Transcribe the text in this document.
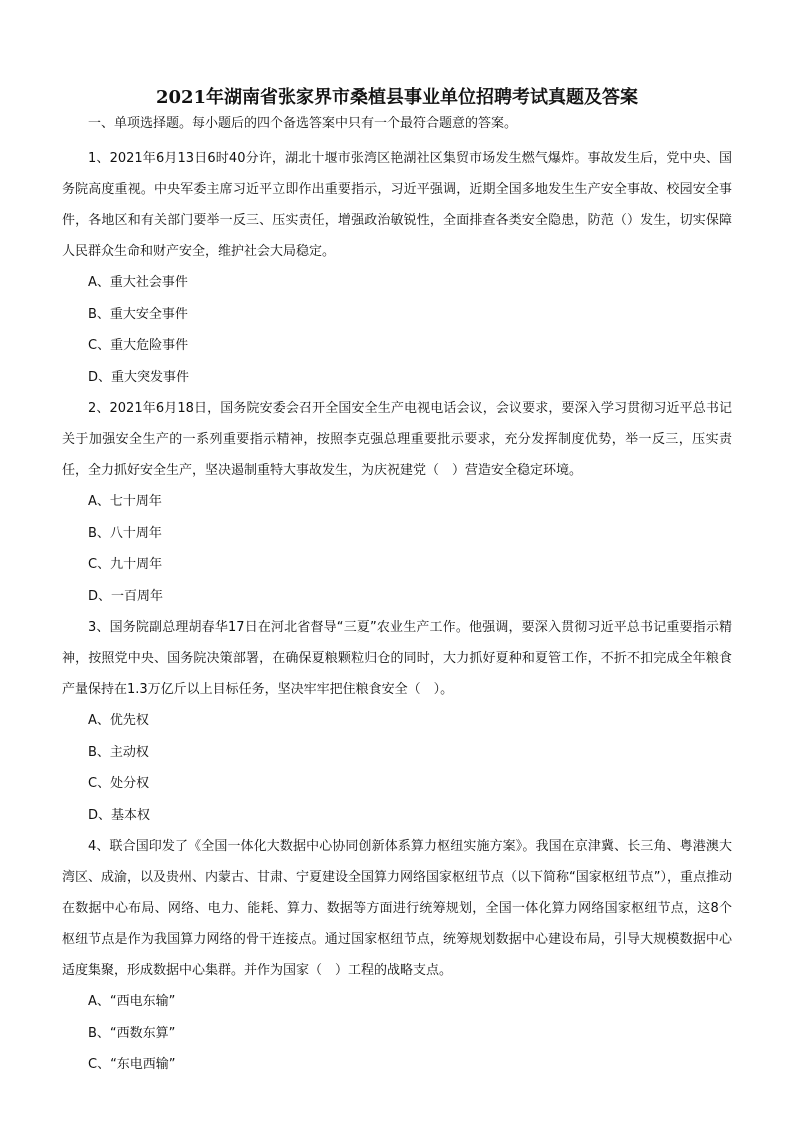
2021年湖南省张家界市桑植县事业单位招聘考试真题及答案

一、单项选择题。每小题后的四个备选答案中只有一个最符合题意的答案。

1、2021年6月13日6时40分许，湖北十堰市张湾区艳湖社区集贸市场发生燃气爆炸。事故发生后，党中央、国务院高度重视。中央军委主席习近平立即作出重要指示，习近平强调，近期全国多地发生生产安全事故、校园安全事件，各地区和有关部门要举一反三、压实责任，增强政治敏锐性，全面排查各类安全隐患，防范（）发生，切实保障人民群众生命和财产安全，维护社会大局稳定。

A、重大社会事件
B、重大安全事件
C、重大危险事件
D、重大突发事件

2、2021年6月18日，国务院安委会召开全国安全生产电视电话会议，会议要求，要深入学习贯彻习近平总书记关于加强安全生产的一系列重要指示精神，按照李克强总理重要批示要求，充分发挥制度优势，举一反三，压实责任，全力抓好安全生产，坚决遏制重特大事故发生，为庆祝建党（　）营造安全稳定环境。

A、七十周年
B、八十周年
C、九十周年
D、一百周年

3、国务院副总理胡春华17日在河北省督导“三夏”农业生产工作。他强调，要深入贯彻习近平总书记重要指示精神，按照党中央、国务院决策部署，在确保夏粮颗粒归仓的同时，大力抓好夏种和夏管工作，不折不扣完成全年粮食产量保持在1.3万亿斤以上目标任务，坚决牢牢把住粮食安全（　）。

A、优先权
B、主动权
C、处分权
D、基本权

4、联合国印发了《全国一体化大数据中心协同创新体系算力枢纽实施方案》。我国在京津冀、长三角、粤港澳大湾区、成渝，以及贵州、内蒙古、甘肃、宁夏建设全国算力网络国家枢纽节点（以下简称“国家枢纽节点”），重点推动在数据中心布局、网络、电力、能耗、算力、数据等方面进行统筹规划，全国一体化算力网络国家枢纽节点，这8个枢纽节点是作为我国算力网络的骨干连接点。通过国家枢纽节点，统筹规划数据中心建设布局，引导大规模数据中心适度集聚，形成数据中心集群。并作为国家（　）工程的战略支点。

A、“西电东输”
B、“西数东算”
C、“东电西输”
